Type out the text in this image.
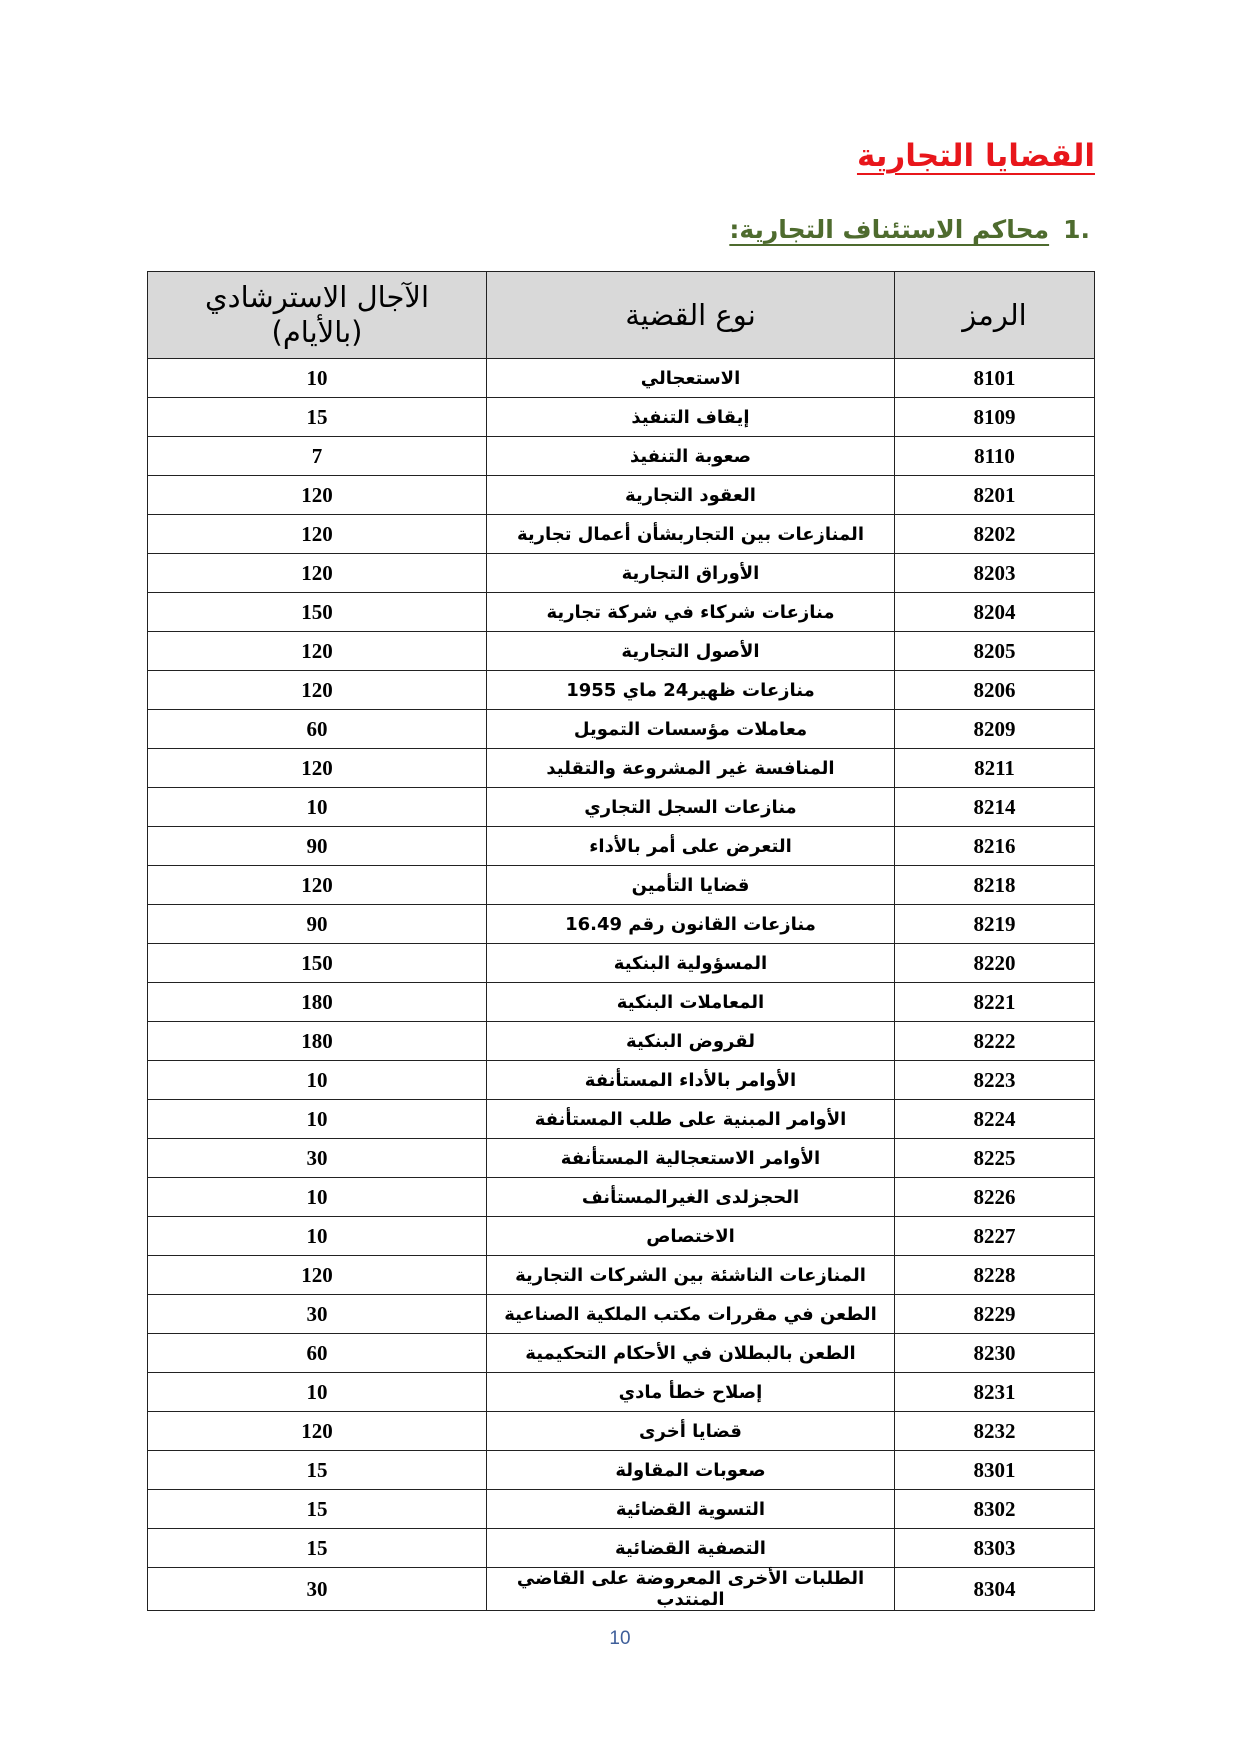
القضايا التجارية
.1
محاكم الاستئناف التجارية:
الرمز	نوع القضية	الآجال الاسترشادي
(بالأيام)

8101	الاستعجالي	10
8109	إيقاف التنفيذ	15
8110	صعوبة التنفيذ	7
8201	العقود التجارية	120
8202	المنازعات بين التجاربشأن أعمال تجارية	120
8203	الأوراق التجارية	120
8204	منازعات شركاء في شركة تجارية	150
8205	الأصول التجارية	120
8206	منازعات ظهير24 ماي 1955	120
8209	معاملات مؤسسات التمويل	60
8211	المنافسة غير المشروعة والتقليد	120
8214	منازعات السجل التجاري	10
8216	التعرض على أمر بالأداء	90
8218	قضايا التأمين	120
8219	منازعات القانون رقم 16.49	90
8220	المسؤولية البنكية	150
8221	المعاملات البنكية	180
8222	لقروض البنكية	180
8223	الأوامر بالأداء المستأنفة	10
8224	الأوامر المبنية على طلب المستأنفة	10
8225	الأوامر الاستعجالية المستأنفة	30
8226	الحجزلدى الغيرالمستأنف	10
8227	الاختصاص	10
8228	المنازعات الناشئة بين الشركات التجارية	120
8229	الطعن في مقررات مكتب الملكية الصناعية	30
8230	الطعن بالبطلان في الأحكام التحكيمية	60
8231	إصلاح خطأ مادي	10
8232	قضايا أخرى	120
8301	صعوبات المقاولة	15
8302	التسوية القضائية	15
8303	التصفية القضائية	15
8304	الطلبات الأخرى المعروضة على القاضي المنتدب	30
10
